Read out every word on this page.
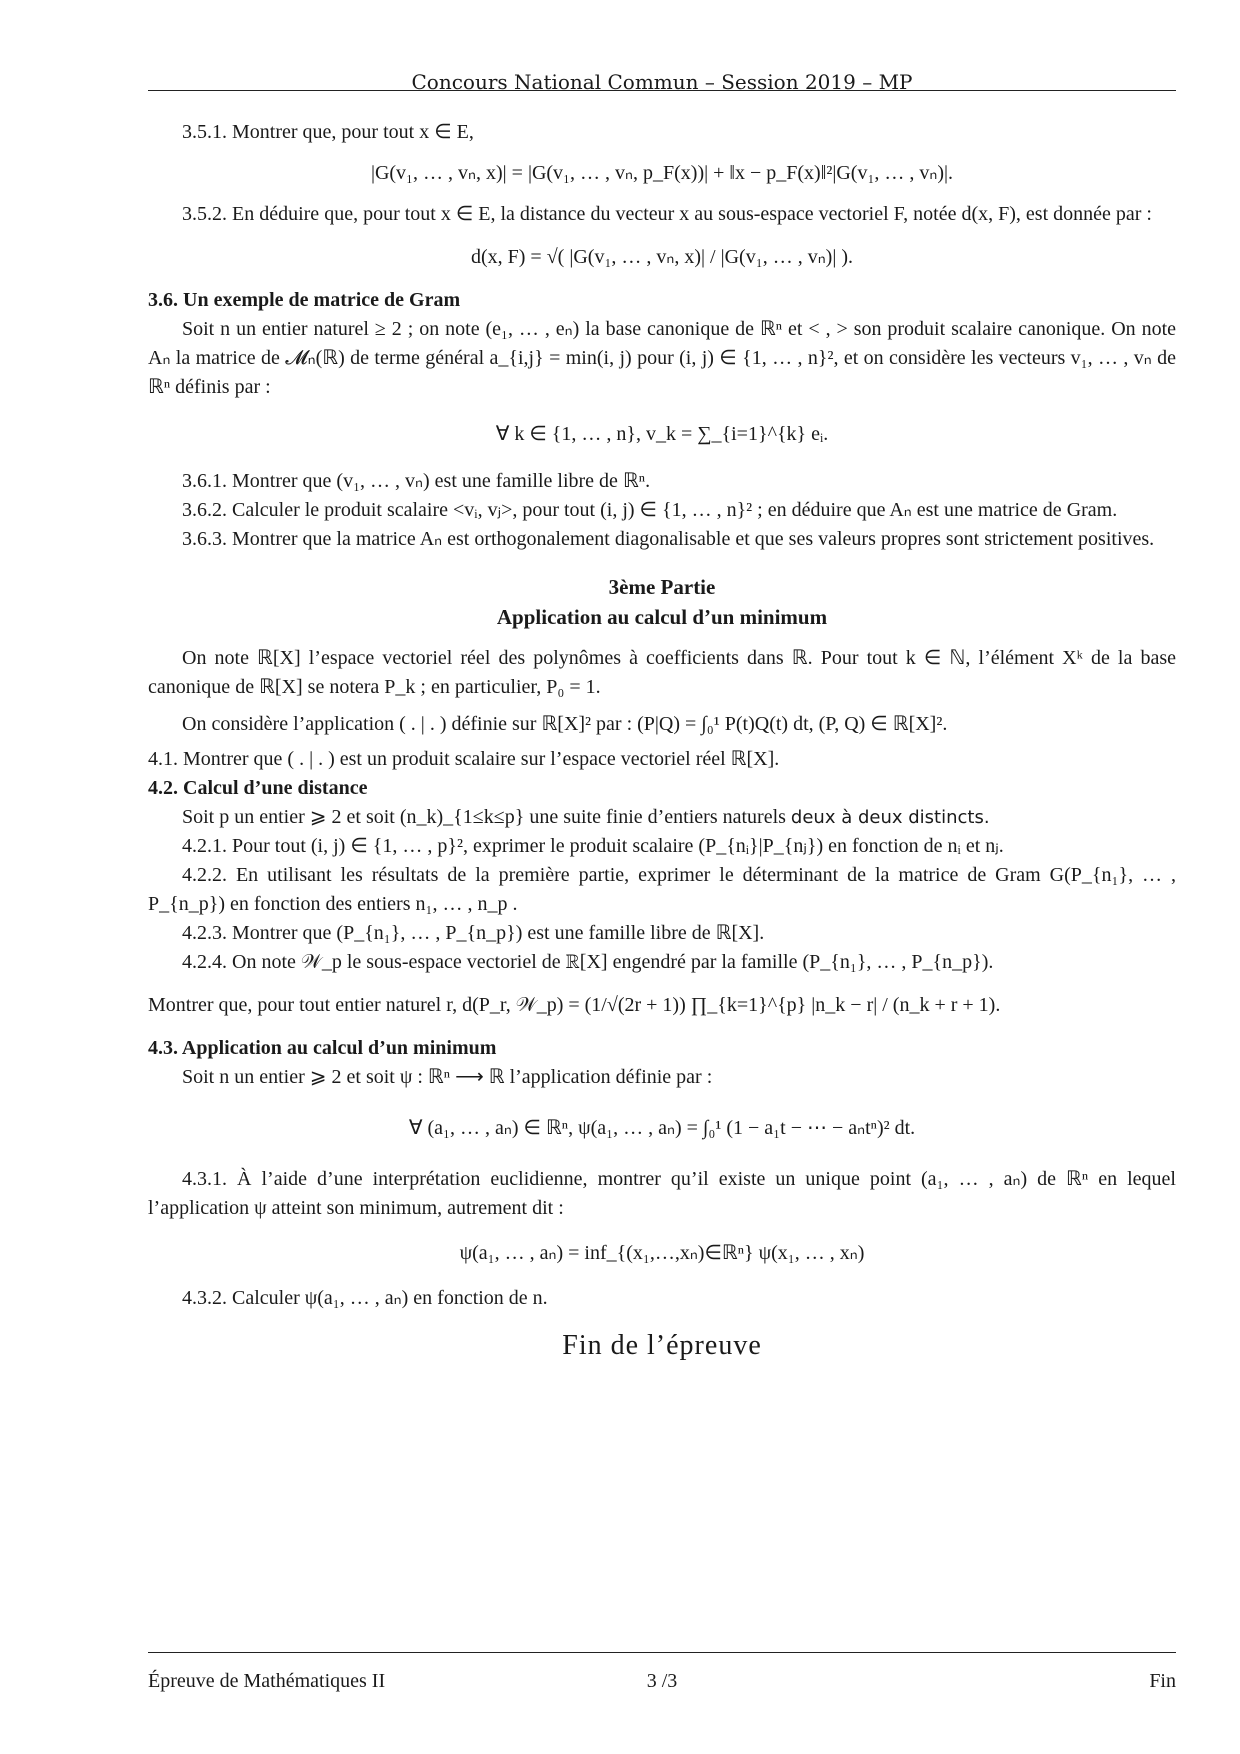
Concours National Commun – Session 2019 – MP

3.5.1. Montrer que, pour tout x ∈ E,

|G(v₁, … , vₙ, x)| = |G(v₁, … , vₙ, p_F(x))| + ‖x − p_F(x)‖²|G(v₁, … , vₙ)|.

3.5.2. En déduire que, pour tout x ∈ E, la distance du vecteur x au sous-espace vectoriel F, notée d(x, F), est donnée par :

d(x, F) = √( |G(v₁, … , vₙ, x)| / |G(v₁, … , vₙ)| ).

3.6. Un exemple de matrice de Gram

Soit n un entier naturel ≥ 2 ; on note (e₁, … , eₙ) la base canonique de ℝⁿ et < , > son produit scalaire canonique. On note Aₙ la matrice de 𝓜ₙ(ℝ) de terme général a_{i,j} = min(i, j) pour (i, j) ∈ {1, … , n}², et on considère les vecteurs v₁, … , vₙ de ℝⁿ définis par :

∀ k ∈ {1, … , n}, v_k = ∑_{i=1}^{k} eᵢ.

3.6.1. Montrer que (v₁, … , vₙ) est une famille libre de ℝⁿ.

3.6.2. Calculer le produit scalaire <vᵢ, vⱼ>, pour tout (i, j) ∈ {1, … , n}² ; en déduire que Aₙ est une matrice de Gram.

3.6.3. Montrer que la matrice Aₙ est orthogonalement diagonalisable et que ses valeurs propres sont strictement positives.

3ème Partie
Application au calcul d’un minimum

On note ℝ[X] l’espace vectoriel réel des polynômes à coefficients dans ℝ. Pour tout k ∈ ℕ, l’élément Xᵏ de la base canonique de ℝ[X] se notera P_k ; en particulier, P₀ = 1.

On considère l’application ( . | . ) définie sur ℝ[X]² par : (P|Q) = ∫₀¹ P(t)Q(t) dt, (P, Q) ∈ ℝ[X]².

4.1. Montrer que ( . | . ) est un produit scalaire sur l’espace vectoriel réel ℝ[X].

4.2. Calcul d’une distance

Soit p un entier ⩾ 2 et soit (n_k)_{1≤k≤p} une suite finie d’entiers naturels deux à deux distincts.

4.2.1. Pour tout (i, j) ∈ {1, … , p}², exprimer le produit scalaire (P_{nᵢ}|P_{nⱼ}) en fonction de nᵢ et nⱼ.

4.2.2. En utilisant les résultats de la première partie, exprimer le déterminant de la matrice de Gram G(P_{n₁}, … , P_{n_p}) en fonction des entiers n₁, … , n_p .

4.2.3. Montrer que (P_{n₁}, … , P_{n_p}) est une famille libre de ℝ[X].

4.2.4. On note 𝒲_p le sous-espace vectoriel de ℝ[X] engendré par la famille (P_{n₁}, … , P_{n_p}).

Montrer que, pour tout entier naturel r, d(P_r, 𝒲_p) = (1/√(2r + 1)) ∏_{k=1}^{p} |n_k − r| / (n_k + r + 1).

4.3. Application au calcul d’un minimum

Soit n un entier ⩾ 2 et soit ψ : ℝⁿ ⟶ ℝ l’application définie par :

∀ (a₁, … , aₙ) ∈ ℝⁿ, ψ(a₁, … , aₙ) = ∫₀¹ (1 − a₁t − ⋯ − aₙtⁿ)² dt.

4.3.1. À l’aide d’une interprétation euclidienne, montrer qu’il existe un unique point (a₁, … , aₙ) de ℝⁿ en lequel l’application ψ atteint son minimum, autrement dit :

ψ(a₁, … , aₙ) = inf_{(x₁,…,xₙ)∈ℝⁿ} ψ(x₁, … , xₙ)

4.3.2. Calculer ψ(a₁, … , aₙ) en fonction de n.

Fin de l’épreuve
Épreuve de Mathématiques II	3 /3	Fin
